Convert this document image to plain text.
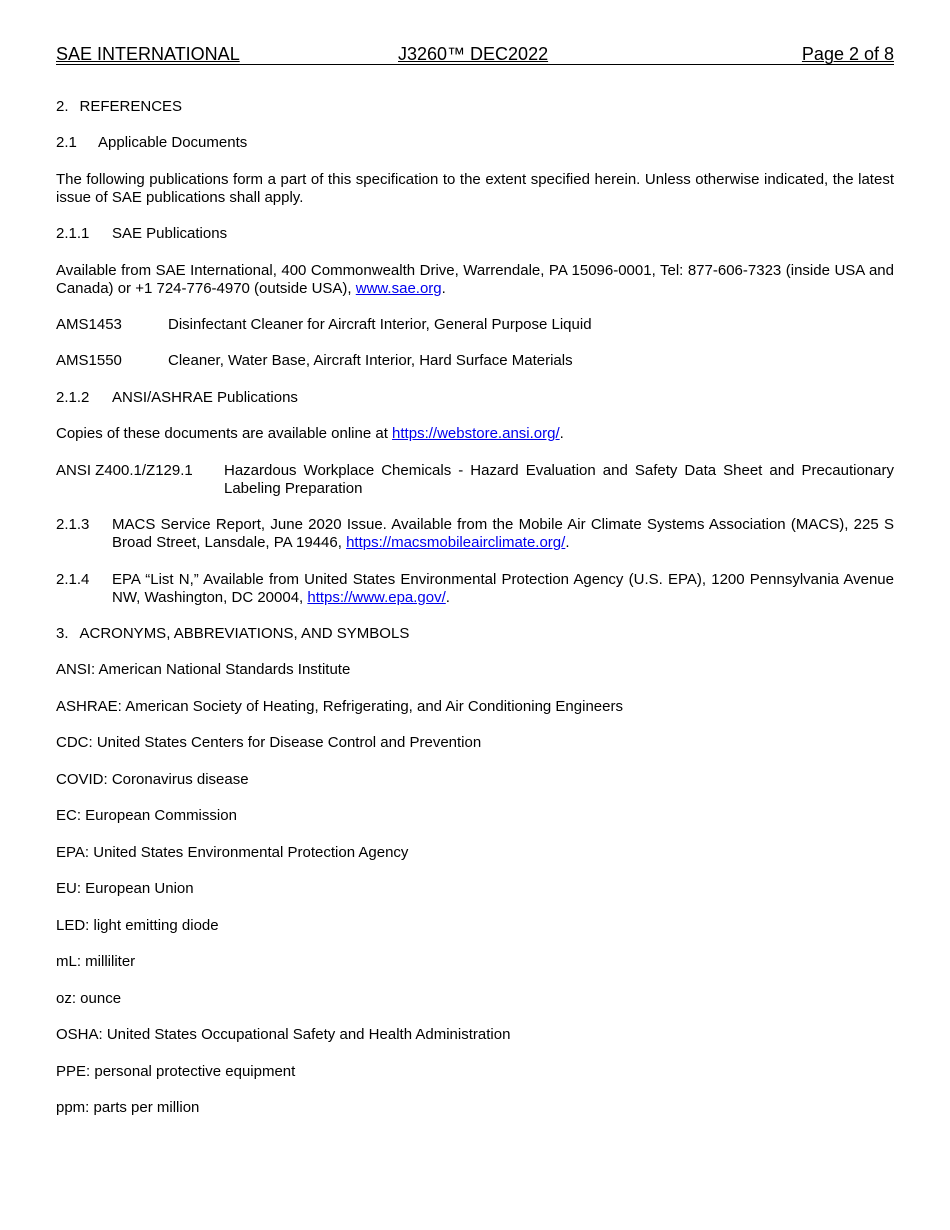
SAE INTERNATIONAL	J3260™ DEC2022	Page 2 of 8
2. REFERENCES
2.1 Applicable Documents
The following publications form a part of this specification to the extent specified herein. Unless otherwise indicated, the latest issue of SAE publications shall apply.
2.1.1 SAE Publications
Available from SAE International, 400 Commonwealth Drive, Warrendale, PA 15096-0001, Tel: 877-606-7323 (inside USA and Canada) or +1 724-776-4970 (outside USA), www.sae.org.
AMS1453	Disinfectant Cleaner for Aircraft Interior, General Purpose Liquid
AMS1550	Cleaner, Water Base, Aircraft Interior, Hard Surface Materials
2.1.2 ANSI/ASHRAE Publications
Copies of these documents are available online at https://webstore.ansi.org/.
ANSI Z400.1/Z129.1 Hazardous Workplace Chemicals - Hazard Evaluation and Safety Data Sheet and Precautionary Labeling Preparation
2.1.3 MACS Service Report, June 2020 Issue. Available from the Mobile Air Climate Systems Association (MACS), 225 S Broad Street, Lansdale, PA 19446, https://macsmobileairclimate.org/.
2.1.4 EPA “List N,” Available from United States Environmental Protection Agency (U.S. EPA), 1200 Pennsylvania Avenue NW, Washington, DC 20004, https://www.epa.gov/.
3. ACRONYMS, ABBREVIATIONS, AND SYMBOLS
ANSI: American National Standards Institute
ASHRAE: American Society of Heating, Refrigerating, and Air Conditioning Engineers
CDC: United States Centers for Disease Control and Prevention
COVID: Coronavirus disease
EC: European Commission
EPA: United States Environmental Protection Agency
EU: European Union
LED: light emitting diode
mL: milliliter
oz: ounce
OSHA: United States Occupational Safety and Health Administration
PPE: personal protective equipment
ppm: parts per million
